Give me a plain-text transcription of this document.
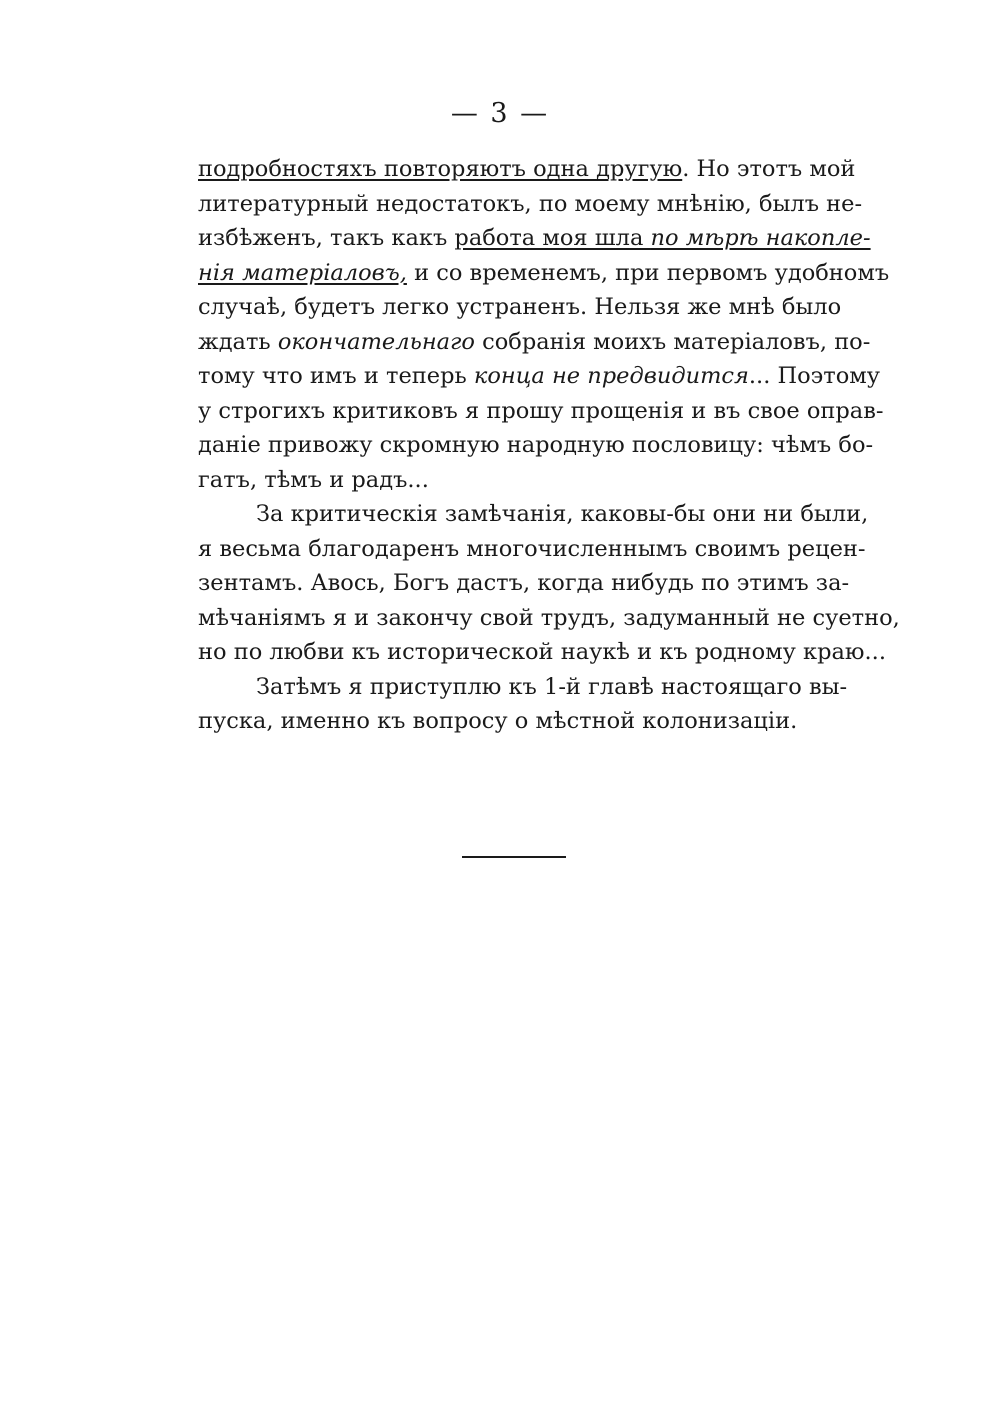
— 3 —
подробностяхъ повторяютъ одна другую. Но этотъ мой
литературный недостатокъ, по моему мнѣнію, былъ не-
избѣженъ, такъ какъ работа моя шла по мѣрѣ накопле-
нія матеріаловъ, и со временемъ, при первомъ удобномъ
случаѣ, будетъ легко устраненъ. Нельзя же мнѣ было
ждать окончательнаго собранія моихъ матеріаловъ, по-
тому что имъ и теперь конца не предвидится... Поэтому
у строгихъ критиковъ я прошу прощенія и въ свое оправ-
даніе привожу скромную народную пословицу: чѣмъ бо-
гатъ, тѣмъ и радъ...
За критическія замѣчанія, каковы-бы они ни были,
я весьма благодаренъ многочисленнымъ своимъ рецен-
зентамъ. Авось, Богъ дастъ, когда нибудь по этимъ за-
мѣчаніямъ я и закончу свой трудъ, задуманный не суетно,
но по любви къ исторической наукѣ и къ родному краю...
Затѣмъ я приступлю къ 1-й главѣ настоящаго вы-
пуска, именно къ вопросу о мѣстной колонизаціи.
